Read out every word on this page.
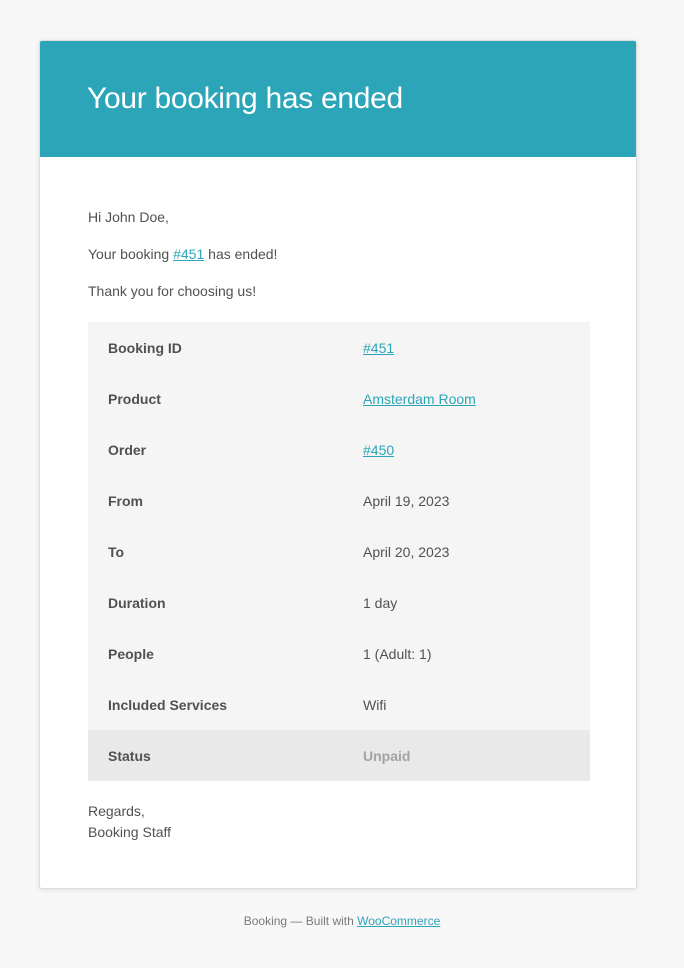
Your booking has ended

Hi John Doe,

Your booking #451 has ended!

Thank you for choosing us!

Booking ID	#451
Product	Amsterdam Room
Order	#450
From	April 19, 2023
To	April 20, 2023
Duration	1 day
People	1 (Adult: 1)
Included Services	Wifi
Status	Unpaid
Regards,
Booking Staff
Booking — Built with WooCommerce
